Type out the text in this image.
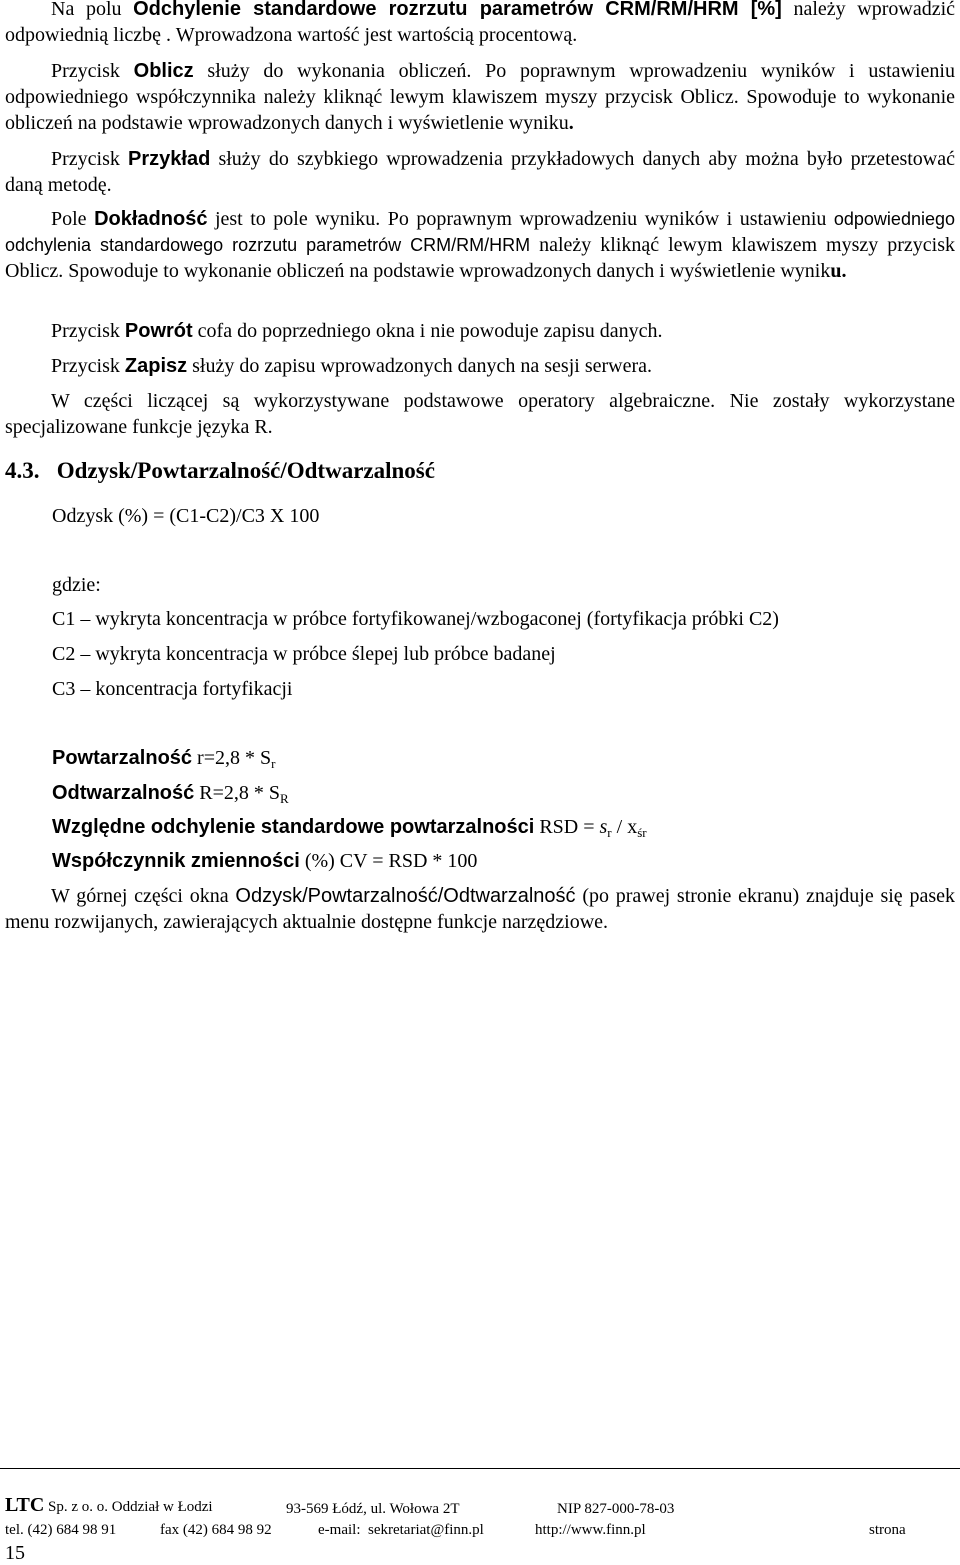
Na polu Odchylenie standardowe rozrzutu parametrów CRM/RM/HRM [%] należy wprowadzić odpowiednią liczbę . Wprowadzona wartość jest wartością procentową.

Przycisk Oblicz służy do wykonania obliczeń. Po poprawnym wprowadzeniu wyników i ustawieniu odpowiedniego współczynnika należy kliknąć lewym klawiszem myszy przycisk Oblicz. Spowoduje to wykonanie obliczeń na podstawie wprowadzonych danych i wyświetlenie wyniku.

Przycisk Przykład służy do szybkiego wprowadzenia przykładowych danych aby można było przetestować daną metodę.

Pole Dokładność jest to pole wyniku. Po poprawnym wprowadzeniu wyników i ustawieniu odpowiedniego odchylenia standardowego rozrzutu parametrów CRM/RM/HRM należy kliknąć lewym klawiszem myszy przycisk Oblicz. Spowoduje to wykonanie obliczeń na podstawie wprowadzonych danych i wyświetlenie wyniku.

Przycisk Powrót cofa do poprzedniego okna i nie powoduje zapisu danych.

Przycisk Zapisz służy do zapisu wprowadzonych danych na sesji serwera.

W części liczącej są wykorzystywane podstawowe operatory algebraiczne. Nie zostały wykorzystane specjalizowane funkcje języka R.

4.3.   Odzysk/Powtarzalność/Odtwarzalność
Odzysk (%) = (C1-C2)/C3 X 100
gdzie:
C1 – wykryta koncentracja w próbce fortyfikowanej/wzbogaconej (fortyfikacja próbki C2)
C2 – wykryta koncentracja w próbce ślepej lub próbce badanej
C3 – koncentracja fortyfikacji
Powtarzalność $r=2,8 * S_r$
Odtwarzalność $R=2,8 * S_R$
Względne odchylenie standardowe powtarzalności RSD = $s_r / x_{śr}$
Współczynnik zmienności (%) CV = RSD * 100

W górnej części okna Odzysk/Powtarzalność/Odtwarzalność (po prawej stronie ekranu) znajduje się pasek menu rozwijanych, zawierających aktualnie dostępne funkcje narzędziowe.

LTC Sp. z o. o. Oddział w Łodzi	93-569 Łódź, ul. Wołowa 2T	NIP 827-000-78-03
tel. (42) 684 98 91	fax (42) 684 98 92	e-mail:  sekretariat@finn.pl	http://www.finn.pl	strona
15
